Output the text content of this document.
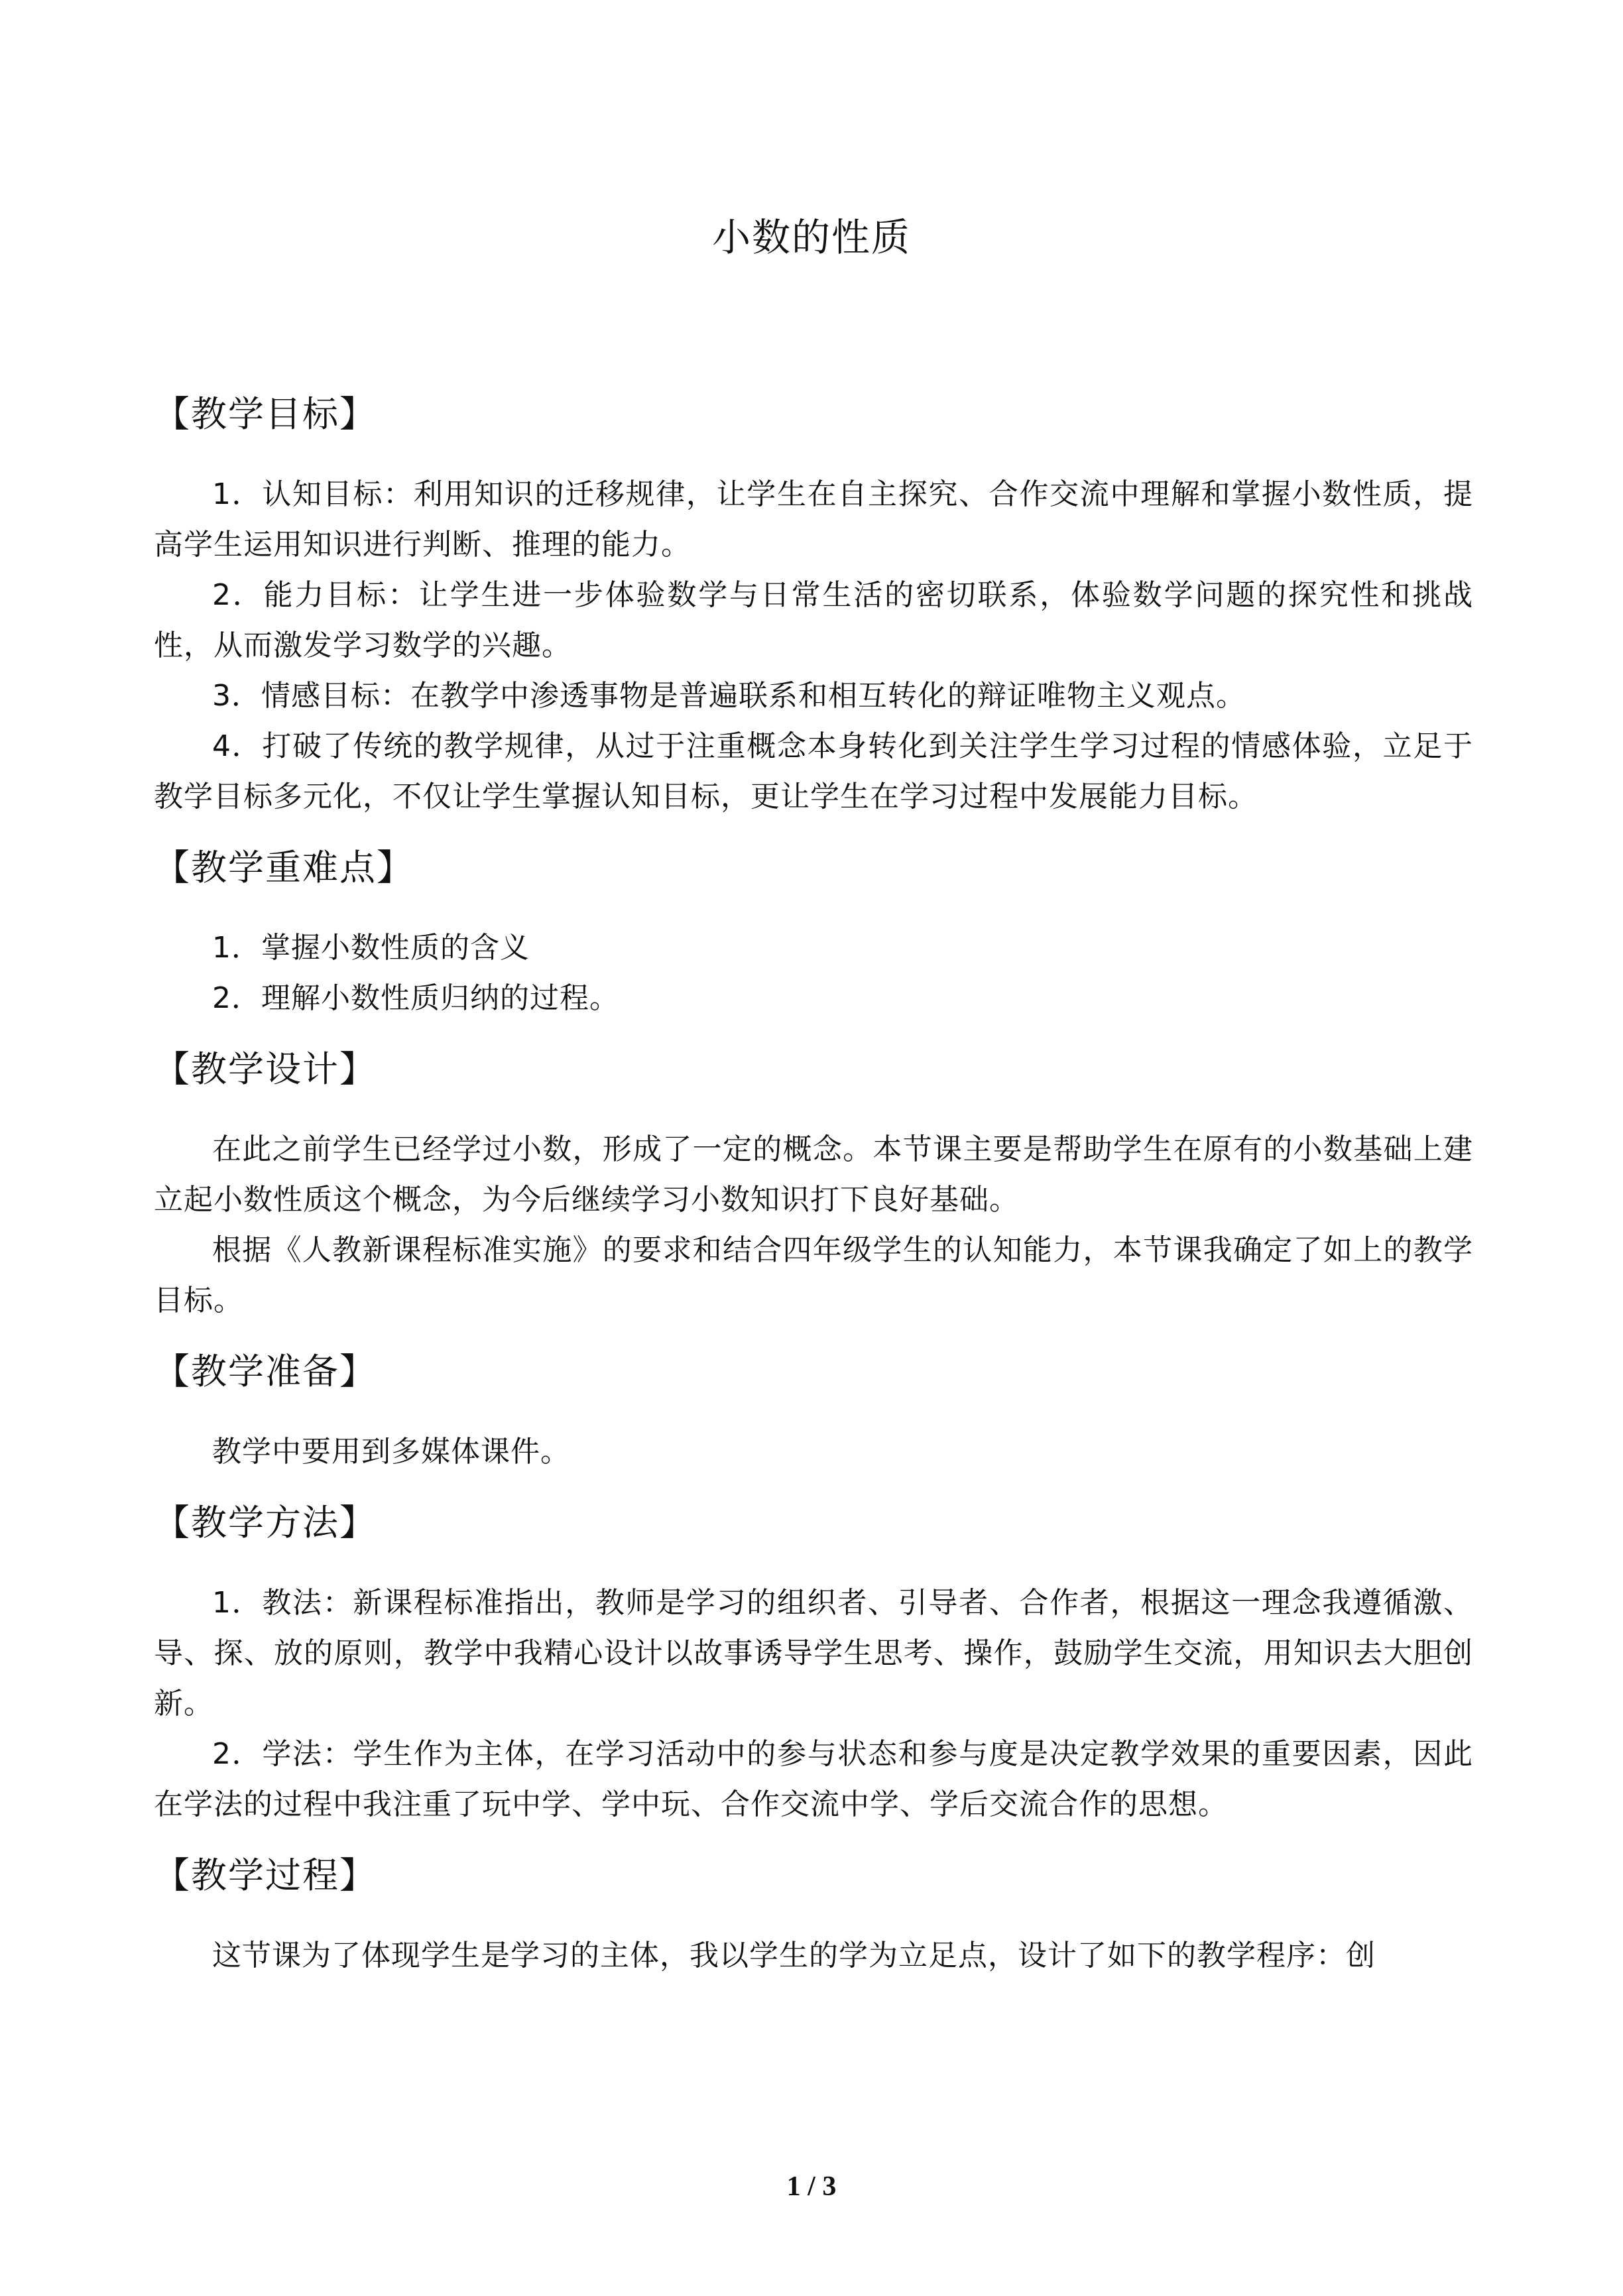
小数的性质
【教学目标】

1．认知目标：利用知识的迁移规律，让学生在自主探究、合作交流中理解和掌握小数性质，提高学生运用知识进行判断、推理的能力。

2．能力目标：让学生进一步体验数学与日常生活的密切联系，体验数学问题的探究性和挑战性，从而激发学习数学的兴趣。

3．情感目标：在教学中渗透事物是普遍联系和相互转化的辩证唯物主义观点。

4．打破了传统的教学规律，从过于注重概念本身转化到关注学生学习过程的情感体验，立足于教学目标多元化，不仅让学生掌握认知目标，更让学生在学习过程中发展能力目标。

【教学重难点】

1．掌握小数性质的含义

2．理解小数性质归纳的过程。

【教学设计】

在此之前学生已经学过小数，形成了一定的概念。本节课主要是帮助学生在原有的小数基础上建立起小数性质这个概念，为今后继续学习小数知识打下良好基础。

根据《人教新课程标准实施》的要求和结合四年级学生的认知能力，本节课我确定了如上的教学目标。

【教学准备】

教学中要用到多媒体课件。

【教学方法】

1．教法：新课程标准指出，教师是学习的组织者、引导者、合作者，根据这一理念我遵循激、导、探、放的原则，教学中我精心设计以故事诱导学生思考、操作，鼓励学生交流，用知识去大胆创新。

2．学法：学生作为主体，在学习活动中的参与状态和参与度是决定教学效果的重要因素，因此在学法的过程中我注重了玩中学、学中玩、合作交流中学、学后交流合作的思想。

【教学过程】

这节课为了体现学生是学习的主体，我以学生的学为立足点，设计了如下的教学程序：创

1 / 3
